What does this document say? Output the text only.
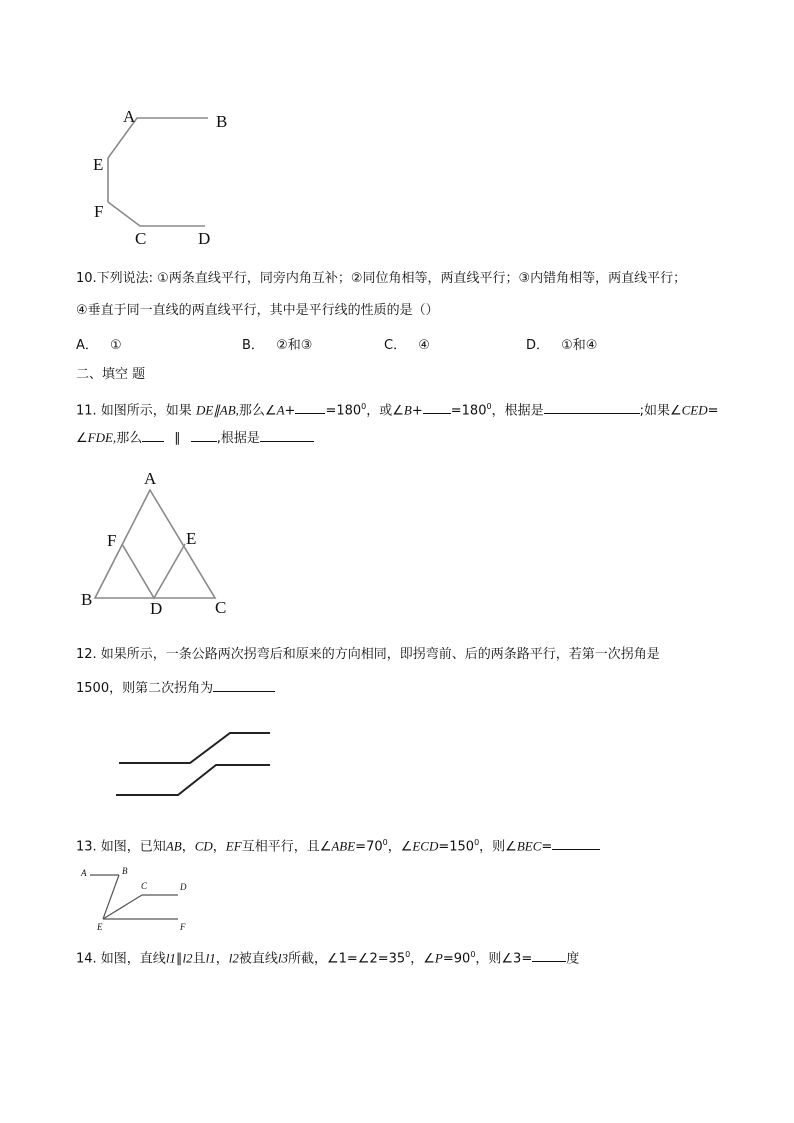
A	B
E
F
C	D
10.下列说法: ①两条直线平行，同旁内角互补；②同位角相等，两直线平行；③内错角相等，两直线平行；
④垂直于同一直线的两直线平行，其中是平行线的性质的是（）
A． ①	B． ②和③	C． ④	D． ①和④
二、填空 题
11. 如图所示，如果 DE∥AB,那么∠A+ $=180^0$，或∠B+ $=180^0$，根据是	;如果∠CED=
∠FDE,那么 ∥	,根据是
A
F	E
B	D	C
12. 如果所示，一条公路两次拐弯后和原来的方向相同，即拐弯前、后的两条路平行，若第一次拐角是
1500，则第二次拐角为
13. 如图，已知AB，CD，EF互相平行，且$\angle ABE=70^0$，$\angle ECD=150^0$，则∠BEC=
A	B
C	D
E	F
14. 如图，直线l1∥l2且l1，l2被直线l3所截，$\angle 1=\angle 2=35^0$，$\angle P=90^0$，则∠3=	度
